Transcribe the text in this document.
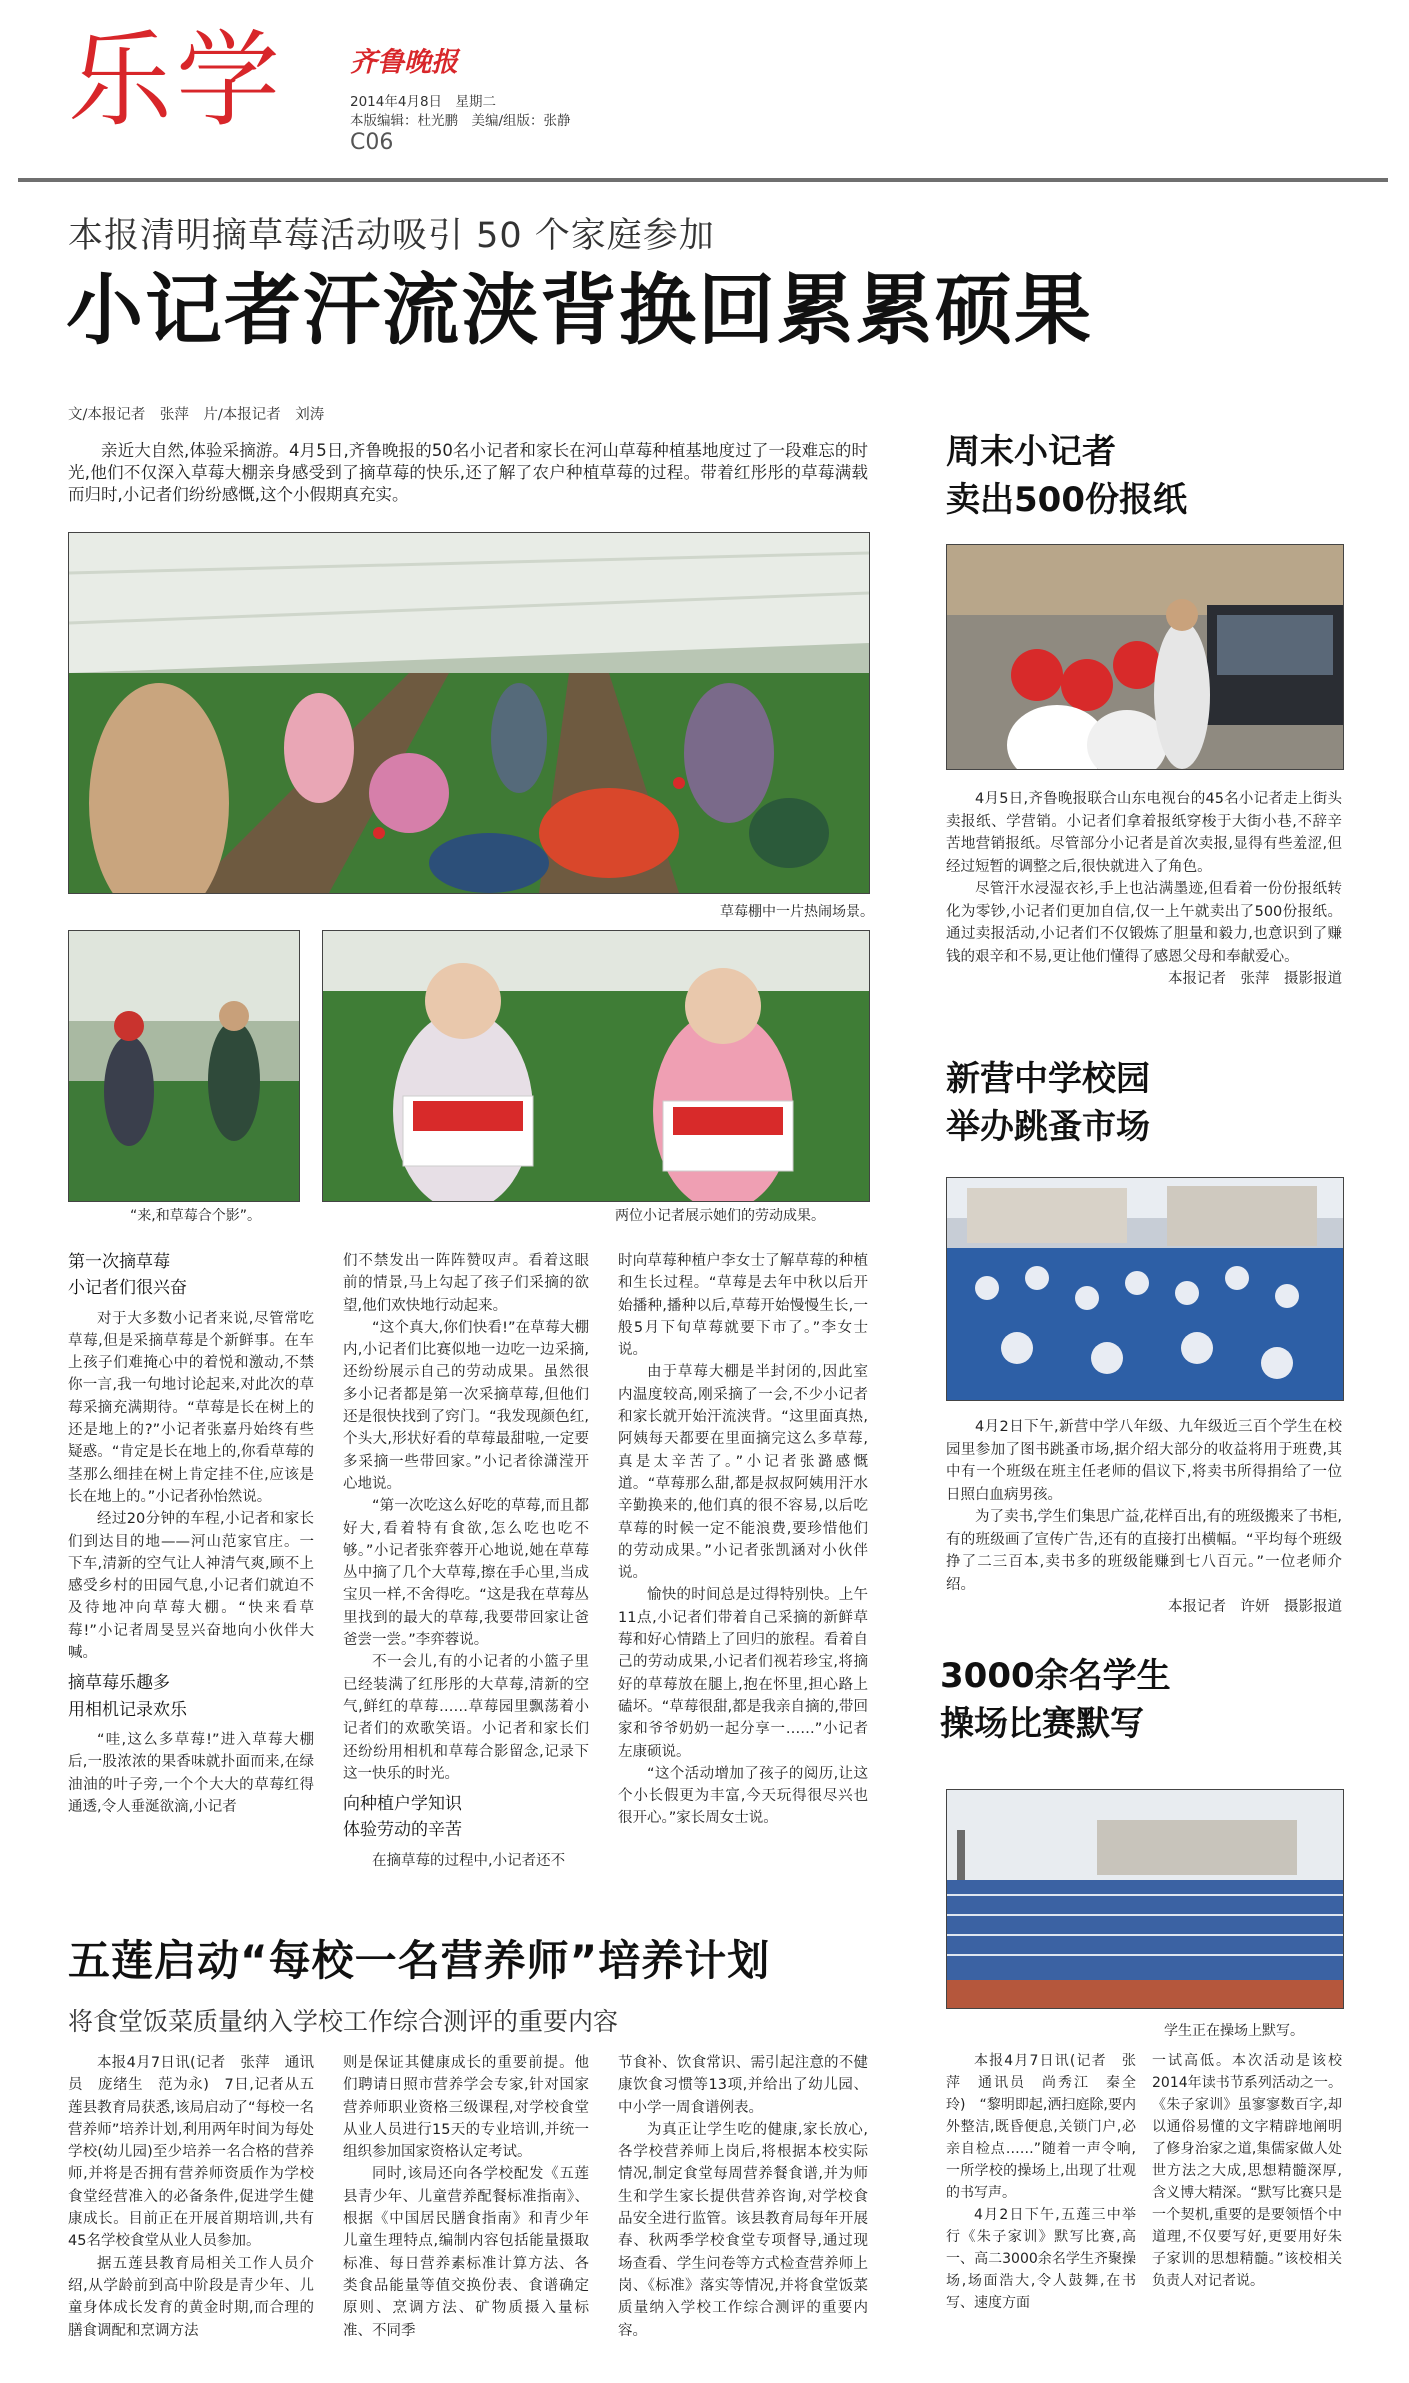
乐学 齐鲁晚报
2014年4月8日　星期二
本版编辑：杜光鹏　美编/组版：张静
C06
本报清明摘草莓活动吸引 50 个家庭参加
小记者汗流浃背换回累累硕果
文/本报记者　张萍　片/本报记者　刘涛

亲近大自然,体验采摘游。4月5日,齐鲁晚报的50名小记者和家长在河山草莓种植基地度过了一段难忘的时光,他们不仅深入草莓大棚亲身感受到了摘草莓的快乐,还了解了农户种植草莓的过程。带着红彤彤的草莓满载而归时,小记者们纷纷感慨,这个小假期真充实。

草莓棚中一片热闹场景。
“来,和草莓合个影”。	两位小记者展示她们的劳动成果。
第一次摘草莓
小记者们很兴奋

对于大多数小记者来说,尽管常吃草莓,但是采摘草莓是个新鲜事。在车上孩子们难掩心中的着悦和激动,不禁你一言,我一句地讨论起来,对此次的草莓采摘充满期待。“草莓是长在树上的还是地上的?”小记者张嘉丹始终有些疑惑。“肯定是长在地上的,你看草莓的茎那么细挂在树上肯定挂不住,应该是长在地上的。”小记者孙怡然说。

经过20分钟的车程,小记者和家长们到达目的地——河山范家官庄。一下车,清新的空气让人神清气爽,顾不上感受乡村的田园气息,小记者们就迫不及待地冲向草莓大棚。“快来看草莓!”小记者周旻昱兴奋地向小伙伴大喊。

摘草莓乐趣多
用相机记录欢乐

“哇,这么多草莓!”进入草莓大棚后,一股浓浓的果香味就扑面而来,在绿油油的叶子旁,一个个大大的草莓红得通透,令人垂涎欲滴,小记者

们不禁发出一阵阵赞叹声。看着这眼前的情景,马上勾起了孩子们采摘的欲望,他们欢快地行动起来。

“这个真大,你们快看!”在草莓大棚内,小记者们比赛似地一边吃一边采摘,还纷纷展示自己的劳动成果。虽然很多小记者都是第一次采摘草莓,但他们还是很快找到了窍门。“我发现颜色红,个头大,形状好看的草莓最甜啦,一定要多采摘一些带回家。”小记者徐潇滢开心地说。

“第一次吃这么好吃的草莓,而且都好大,看着特有食欲,怎么吃也吃不够。”小记者张弈蓉开心地说,她在草莓丛中摘了几个大草莓,擦在手心里,当成宝贝一样,不舍得吃。“这是我在草莓丛里找到的最大的草莓,我要带回家让爸爸尝一尝。”李弈蓉说。

不一会儿,有的小记者的小篮子里已经装满了红彤彤的大草莓,清新的空气,鲜红的草莓……草莓园里飘荡着小记者们的欢歌笑语。小记者和家长们还纷纷用相机和草莓合影留念,记录下这一快乐的时光。

向种植户学知识
体验劳动的辛苦

在摘草莓的过程中,小记者还不

时向草莓种植户李女士了解草莓的种植和生长过程。“草莓是去年中秋以后开始播种,播种以后,草莓开始慢慢生长,一般5月下旬草莓就要下市了。”李女士说。

由于草莓大棚是半封闭的,因此室内温度较高,刚采摘了一会,不少小记者和家长就开始汗流浃背。“这里面真热,阿姨每天都要在里面摘完这么多草莓,真是太辛苦了。”小记者张潞感慨道。“草莓那么甜,都是叔叔阿姨用汗水辛勤换来的,他们真的很不容易,以后吃草莓的时候一定不能浪费,要珍惜他们的劳动成果。”小记者张凯涵对小伙伴说。

愉快的时间总是过得特别快。上午11点,小记者们带着自己采摘的新鲜草莓和好心情踏上了回归的旅程。看着自己的劳动成果,小记者们视若珍宝,将摘好的草莓放在腿上,抱在怀里,担心路上磕坏。“草莓很甜,都是我亲自摘的,带回家和爷爷奶奶一起分享一……”小记者左康硕说。

“这个活动增加了孩子的阅历,让这个小长假更为丰富,今天玩得很尽兴也很开心。”家长周女士说。

周末小记者
卖出500份报纸

4月5日,齐鲁晚报联合山东电视台的45名小记者走上街头卖报纸、学营销。小记者们拿着报纸穿梭于大街小巷,不辞辛苦地营销报纸。尽管部分小记者是首次卖报,显得有些羞涩,但经过短暂的调整之后,很快就进入了角色。

尽管汗水浸湿衣衫,手上也沾满墨迹,但看着一份份报纸转化为零钞,小记者们更加自信,仅一上午就卖出了500份报纸。通过卖报活动,小记者们不仅锻炼了胆量和毅力,也意识到了赚钱的艰辛和不易,更让他们懂得了感恩父母和奉献爱心。

本报记者　张萍　摄影报道
新营中学校园
举办跳蚤市场

4月2日下午,新营中学八年级、九年级近三百个学生在校园里参加了图书跳蚤市场,据介绍大部分的收益将用于班费,其中有一个班级在班主任老师的倡议下,将卖书所得捐给了一位日照白血病男孩。

为了卖书,学生们集思广益,花样百出,有的班级搬来了书柜,有的班级画了宣传广告,还有的直接打出横幅。“平均每个班级挣了二三百本,卖书多的班级能赚到七八百元。”一位老师介绍。

本报记者　许妍　摄影报道
3000余名学生
操场比赛默写
学生正在操场上默写。

本报4月7日讯(记者　张萍　通讯员　尚秀江　秦全玲)　“黎明即起,洒扫庭除,要内外整洁,既昏便息,关锁门户,必亲自检点……”随着一声令响,一所学校的操场上,出现了壮观的书写声。

4月2日下午,五莲三中举行《朱子家训》默写比赛,高一、高二3000余名学生齐聚操场,场面浩大,令人鼓舞,在书写、速度方面

一试高低。本次活动是该校2014年读书节系列活动之一。《朱子家训》虽寥寥数百字,却以通俗易懂的文字精辟地阐明了修身治家之道,集儒家做人处世方法之大成,思想精髓深厚,含义博大精深。“默写比赛只是一个契机,重要的是要领悟个中道理,不仅要写好,更要用好朱子家训的思想精髓。”该校相关负责人对记者说。

五莲启动“每校一名营养师”培养计划
将食堂饭菜质量纳入学校工作综合测评的重要内容

本报4月7日讯(记者　张萍　通讯员　庞绪生　范为永)　7日,记者从五莲县教育局获悉,该局启动了“每校一名营养师”培养计划,利用两年时间为每处学校(幼儿园)至少培养一名合格的营养师,并将是否拥有营养师资质作为学校食堂经营准入的必备条件,促进学生健康成长。目前正在开展首期培训,共有45名学校食堂从业人员参加。

据五莲县教育局相关工作人员介绍,从学龄前到高中阶段是青少年、儿童身体成长发育的黄金时期,而合理的膳食调配和烹调方法

则是保证其健康成长的重要前提。他们聘请日照市营养学会专家,针对国家营养师职业资格三级课程,对学校食堂从业人员进行15天的专业培训,并统一组织参加国家资格认定考试。

同时,该局还向各学校配发《五莲县青少年、儿童营养配餐标准指南》、根据《中国居民膳食指南》和青少年儿童生理特点,编制内容包括能量摄取标准、每日营养素标准计算方法、各类食品能量等值交换份表、食谱确定原则、烹调方法、矿物质摄入量标准、不同季

节食补、饮食常识、需引起注意的不健康饮食习惯等13项,并给出了幼儿园、中小学一周食谱例表。

为真正让学生吃的健康,家长放心,各学校营养师上岗后,将根据本校实际情况,制定食堂每周营养餐食谱,并为师生和学生家长提供营养咨询,对学校食品安全进行监管。该县教育局每年开展春、秋两季学校食堂专项督导,通过现场查看、学生问卷等方式检查营养师上岗、《标准》落实等情况,并将食堂饭菜质量纳入学校工作综合测评的重要内容。
